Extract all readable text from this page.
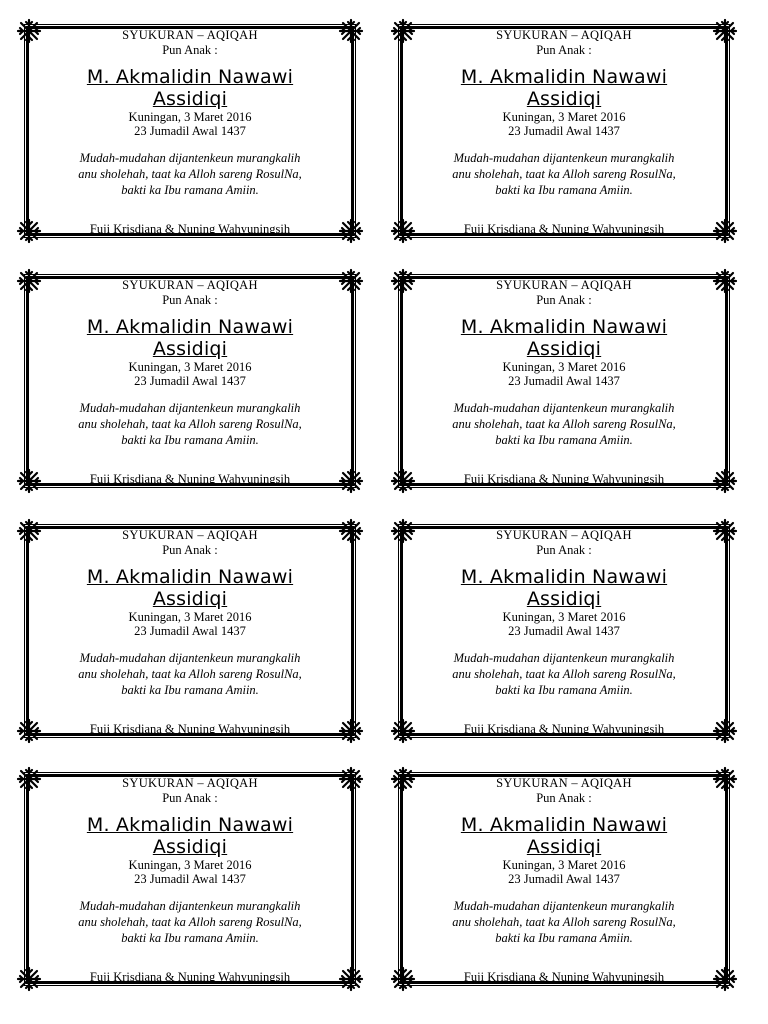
SYUKURAN – AQIQAH
Pun Anak :
M. Akmalidin Nawawi
Assidiqi
Kuningan, 3 Maret 2016
23 Jumadil Awal 1437
Mudah-mudahan dijantenkeun murangkalih
anu sholehah, taat ka Alloh sareng RosulNa,
bakti ka Ibu ramana Amiin.
Fuji Krisdiana & Nuning Wahyuningsih
SYUKURAN – AQIQAH
Pun Anak :
M. Akmalidin Nawawi
Assidiqi
Kuningan, 3 Maret 2016
23 Jumadil Awal 1437
Mudah-mudahan dijantenkeun murangkalih
anu sholehah, taat ka Alloh sareng RosulNa,
bakti ka Ibu ramana Amiin.
Fuji Krisdiana & Nuning Wahyuningsih
SYUKURAN – AQIQAH
Pun Anak :
M. Akmalidin Nawawi
Assidiqi
Kuningan, 3 Maret 2016
23 Jumadil Awal 1437
Mudah-mudahan dijantenkeun murangkalih
anu sholehah, taat ka Alloh sareng RosulNa,
bakti ka Ibu ramana Amiin.
Fuji Krisdiana & Nuning Wahyuningsih
SYUKURAN – AQIQAH
Pun Anak :
M. Akmalidin Nawawi
Assidiqi
Kuningan, 3 Maret 2016
23 Jumadil Awal 1437
Mudah-mudahan dijantenkeun murangkalih
anu sholehah, taat ka Alloh sareng RosulNa,
bakti ka Ibu ramana Amiin.
Fuji Krisdiana & Nuning Wahyuningsih
SYUKURAN – AQIQAH
Pun Anak :
M. Akmalidin Nawawi
Assidiqi
Kuningan, 3 Maret 2016
23 Jumadil Awal 1437
Mudah-mudahan dijantenkeun murangkalih
anu sholehah, taat ka Alloh sareng RosulNa,
bakti ka Ibu ramana Amiin.
Fuji Krisdiana & Nuning Wahyuningsih
SYUKURAN – AQIQAH
Pun Anak :
M. Akmalidin Nawawi
Assidiqi
Kuningan, 3 Maret 2016
23 Jumadil Awal 1437
Mudah-mudahan dijantenkeun murangkalih
anu sholehah, taat ka Alloh sareng RosulNa,
bakti ka Ibu ramana Amiin.
Fuji Krisdiana & Nuning Wahyuningsih
SYUKURAN – AQIQAH
Pun Anak :
M. Akmalidin Nawawi
Assidiqi
Kuningan, 3 Maret 2016
23 Jumadil Awal 1437
Mudah-mudahan dijantenkeun murangkalih
anu sholehah, taat ka Alloh sareng RosulNa,
bakti ka Ibu ramana Amiin.
Fuji Krisdiana & Nuning Wahyuningsih
SYUKURAN – AQIQAH
Pun Anak :
M. Akmalidin Nawawi
Assidiqi
Kuningan, 3 Maret 2016
23 Jumadil Awal 1437
Mudah-mudahan dijantenkeun murangkalih
anu sholehah, taat ka Alloh sareng RosulNa,
bakti ka Ibu ramana Amiin.
Fuji Krisdiana & Nuning Wahyuningsih
